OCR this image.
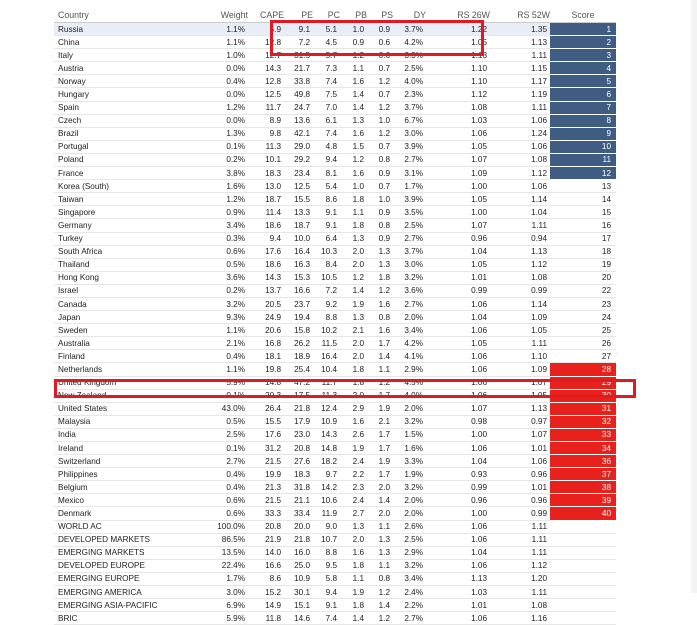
Country	Weight	CAPE	PE	PC	PB	PS	DY	RS 26W	RS 52W	Score
Russia	1.1%	5.9	9.1	5.1	1.0	0.9	3.7%	1.22	1.35	1
China	1.1%	12.8	7.2	4.5	0.9	0.6	4.2%	1.05	1.13	2
Italy	1.0%	12.7	31.5	5.7	1.2	0.6	3.3%	1.13	1.11	3
Austria	0.0%	14.3	21.7	7.3	1.1	0.7	2.5%	1.10	1.15	4
Norway	0.4%	12.8	33.8	7.4	1.6	1.2	4.0%	1.10	1.17	5
Hungary	0.0%	12.5	49.8	7.5	1.4	0.7	2.3%	1.12	1.19	6
Spain	1.2%	11.7	24.7	7.0	1.4	1.2	3.7%	1.08	1.11	7
Czech	0.0%	8.9	13.6	6.1	1.3	1.0	6.7%	1.03	1.06	8
Brazil	1.3%	9.8	42.1	7.4	1.6	1.2	3.0%	1.06	1.24	9
Portugal	0.1%	11.3	29.0	4.8	1.5	0.7	3.9%	1.05	1.06	10
Poland	0.2%	10.1	29.2	9.4	1.2	0.8	2.7%	1.07	1.08	11
France	3.8%	18.3	23.4	8.1	1.6	0.9	3.1%	1.09	1.12	12
Korea (South)	1.6%	13.0	12.5	5.4	1.0	0.7	1.7%	1.00	1.06	13
Taiwan	1.2%	18.7	15.5	8.6	1.8	1.0	3.9%	1.05	1.14	14
Singapore	0.9%	11.4	13.3	9.1	1.1	0.9	3.5%	1.00	1.04	15
Germany	3.4%	18.6	18.7	9.1	1.8	0.8	2.5%	1.07	1.11	16
Turkey	0.3%	9.4	10.0	6.4	1.3	0.9	2.7%	0.96	0.94	17
South Africa	0.6%	17.6	16.4	10.3	2.0	1.3	3.7%	1.04	1.13	18
Thailand	0.5%	18.6	16.3	8.4	2.0	1.3	3.0%	1.05	1.12	19
Hong Kong	3.6%	14.3	15.3	10.5	1.2	1.8	3.2%	1.01	1.08	20
Israel	0.2%	13.7	16.6	7.2	1.4	1.2	3.6%	0.99	0.99	22
Canada	3.2%	20.5	23.7	9.2	1.9	1.6	2.7%	1.06	1.14	23
Japan	9.3%	24.9	19.4	8.8	1.3	0.8	2.0%	1.04	1.09	24
Sweden	1.1%	20.6	15.8	10.2	2.1	1.6	3.4%	1.06	1.05	25
Australia	2.1%	16.8	26.2	11.5	2.0	1.7	4.2%	1.05	1.11	26
Finland	0.4%	18.1	18.9	16.4	2.0	1.4	4.1%	1.06	1.10	27
Netherlands	1.1%	19.8	25.4	10.4	1.8	1.1	2.9%	1.06	1.09	28
United Kingdom	5.9%	14.8	47.2	11.7	1.8	1.2	4.5%	1.06	1.07	29
New Zealand	0.1%	20.3	17.5	11.3	2.0	1.7	4.0%	1.06	1.05	30
United States	43.0%	26.4	21.8	12.4	2.9	1.9	2.0%	1.07	1.13	31
Malaysia	0.5%	15.5	17.9	10.9	1.6	2.1	3.2%	0.98	0.97	32
India	2.5%	17.6	23.0	14.3	2.6	1.7	1.5%	1.00	1.07	33
Ireland	0.1%	31.2	20.8	14.8	1.9	1.7	1.6%	1.06	1.01	34
Switzerland	2.7%	21.5	27.6	18.2	2.4	1.9	3.3%	1.04	1.06	36
Philippines	0.4%	19.9	18.3	9.7	2.2	1.7	1.9%	0.93	0.96	37
Belgium	0.4%	21.3	31.8	14.2	2.3	2.0	3.2%	0.99	1.01	38
Mexico	0.6%	21.5	21.1	10.6	2.4	1.4	2.0%	0.96	0.96	39
Denmark	0.6%	33.3	33.4	11.9	2.7	2.0	2.0%	1.00	0.99	40
WORLD AC	100.0%	20.8	20.0	9.0	1.3	1.1	2.6%	1.06	1.11	
DEVELOPED MARKETS	86.5%	21.9	21.8	10.7	2.0	1.3	2.5%	1.06	1.11	
EMERGING MARKETS	13.5%	14.0	16.0	8.8	1.6	1.3	2.9%	1.04	1.11	
DEVELOPED EUROPE	22.4%	16.6	25.0	9.5	1.8	1.1	3.2%	1.06	1.12	
EMERGING EUROPE	1.7%	8.6	10.9	5.8	1.1	0.8	3.4%	1.13	1.20	
EMERGING AMERICA	3.0%	15.2	30.1	9.4	1.9	1.2	2.4%	1.03	1.11	
EMERGING ASIA-PACIFIC	6.9%	14.9	15.1	9.1	1.8	1.4	2.2%	1.01	1.08	
BRIC	5.9%	11.8	14.6	7.4	1.4	1.2	2.7%	1.06	1.16	
